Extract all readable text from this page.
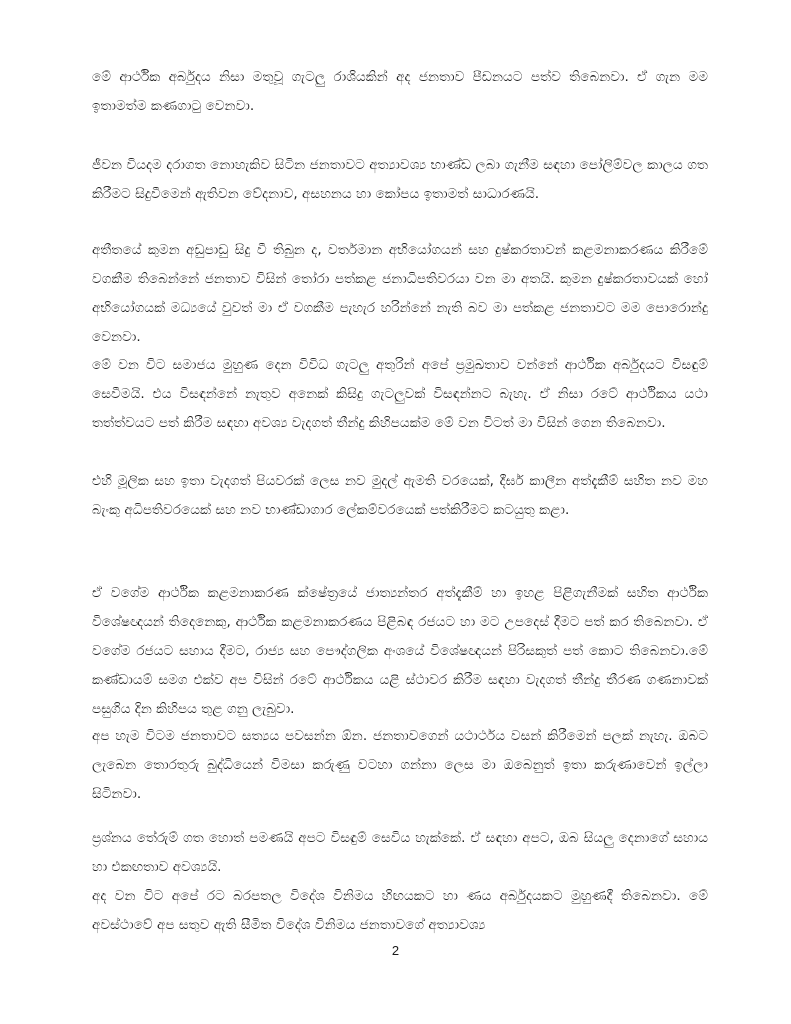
මේ ආර්ථික අර්බුදය නිසා මතුවූ ගැටලු රාශියකින් අද ජනතාව පීඩනයට පත්ව තිබෙනවා. ඒ ගැන මම ඉතාමත්ම කණගාටු වෙනවා.

ජීවන වියදම දරාගත නොහැකිව සිටින ජනතාවට අත්‍යාවශ්‍ය භාණ්ඩ ලබා ගැනීම සඳහා පෝලිම්වල කාලය ගත කිරීමට සිදුවීමෙන් ඇතිවන වේදනාව, අසහනය හා කෝපය ඉතාමත් සාධාරණයි.

අතීතයේ කුමන අඩුපාඩු සිදු වී තිබුන ද, වර්තමාන අභියෝගයන් සහ දුෂ්කරතාවන් කළමනාකරණය කිරීමේ වගකීම තිබෙන්නේ ජනතාව විසින් තෝරා පත්කළ ජනාධිපතිවරයා වන මා අතයි. කුමන දුෂ්කරතාවයක් හෝ අභියෝගයක් මධ්‍යයේ වුවත් මා ඒ වගකීම පැහැර හරින්නේ නැති බව මා පත්කළ ජනතාවට මම පොරොන්දු වෙනවා.

මේ වන විට සමාජය මුහුණ දෙන විවිධ ගැටලු අතුරින් අපේ ප්‍රමුඛතාව වන්නේ ආර්ථික අර්බුදයට විසඳුම් සෙවීමයි. එය විසඳන්නේ නැතුව අනෙක් කිසිදු ගැටලුවක් විසඳන්නට බැහැ. ඒ නිසා රටේ ආර්ථිකය යථා තත්ත්වයට පත් කිරීම සඳහා අවශ්‍ය වැදගත් තීන්දු කිහිපයක්ම මේ වන විටත් මා විසින් ගෙන තිබෙනවා.

එහි මූලික සහ ඉතා වැදගත් පියවරක් ලෙස නව මුදල් ඇමති වරයෙක්, දීර්ඝ කාලීන අත්දැකීම් සහිත නව මහ බැංකු අධිපතිවරයෙක් සහ නව භාණ්ඩාගාර ලේකම්වරයෙක් පත්කිරීමට කටයුතු කළා.

ඒ වගේම ආර්ථික කළමනාකරණ ක්ෂේත්‍රයේ ජාත්‍යන්තර අත්දැකීම් හා ඉහළ පිළිගැනීමක් සහිත ආර්ථික විශේෂඥයන් තිදෙනෙකු, ආර්ථික කළමනාකරණය පිළිබඳ රජයට හා මට උපදෙස් දීමට පත් කර තිබෙනවා. ඒ වගේම රජයට සහාය දීමට, රාජ්‍ය සහ පෞද්ගලික අංශයේ විශේෂඥයන් පිරිසකුත් පත් කොට තිබෙනවා.මේ කණ්ඩායම් සමග එක්ව අප විසින් රටේ ආර්ථිකය යළි ස්ථාවර කිරීම සඳහා වැදගත් තීන්දු තීරණ ගණනාවක් පසුගිය දින කිහිපය තුළ ගනු ලැබුවා.

අප හැම විටම ජනතාවට සත්‍යය පවසන්න ඕන. ජනතාවගෙන් යථාර්ථය වසන් කිරීමෙන් පලක් නැහැ. ඔබට ලැබෙන තොරතුරු බුද්ධියෙන් විමසා කරුණු වටහා ගන්නා ලෙස මා ඔබෙනුත් ඉතා කරුණාවෙන් ඉල්ලා සිටිනවා.

ප්‍රශ්නය තේරුම් ගත හොත් පමණයි අපට විසඳුම් සෙවිය හැක්කේ. ඒ සඳහා අපට, ඔබ සියලු දෙනාගේ සහාය හා එකඟතාව අවශ්‍යයි.

අද වන විට අපේ රට බරපතල විදේශ විනිමය හිඟයකට හා ණය අර්බුදයකට මුහුණදී තිබෙනවා. මේ අවස්ථාවේ අප සතුව ඇති සීමිත විදේශ විනිමය ජනතාවගේ අත්‍යාවශ්‍ය

2
